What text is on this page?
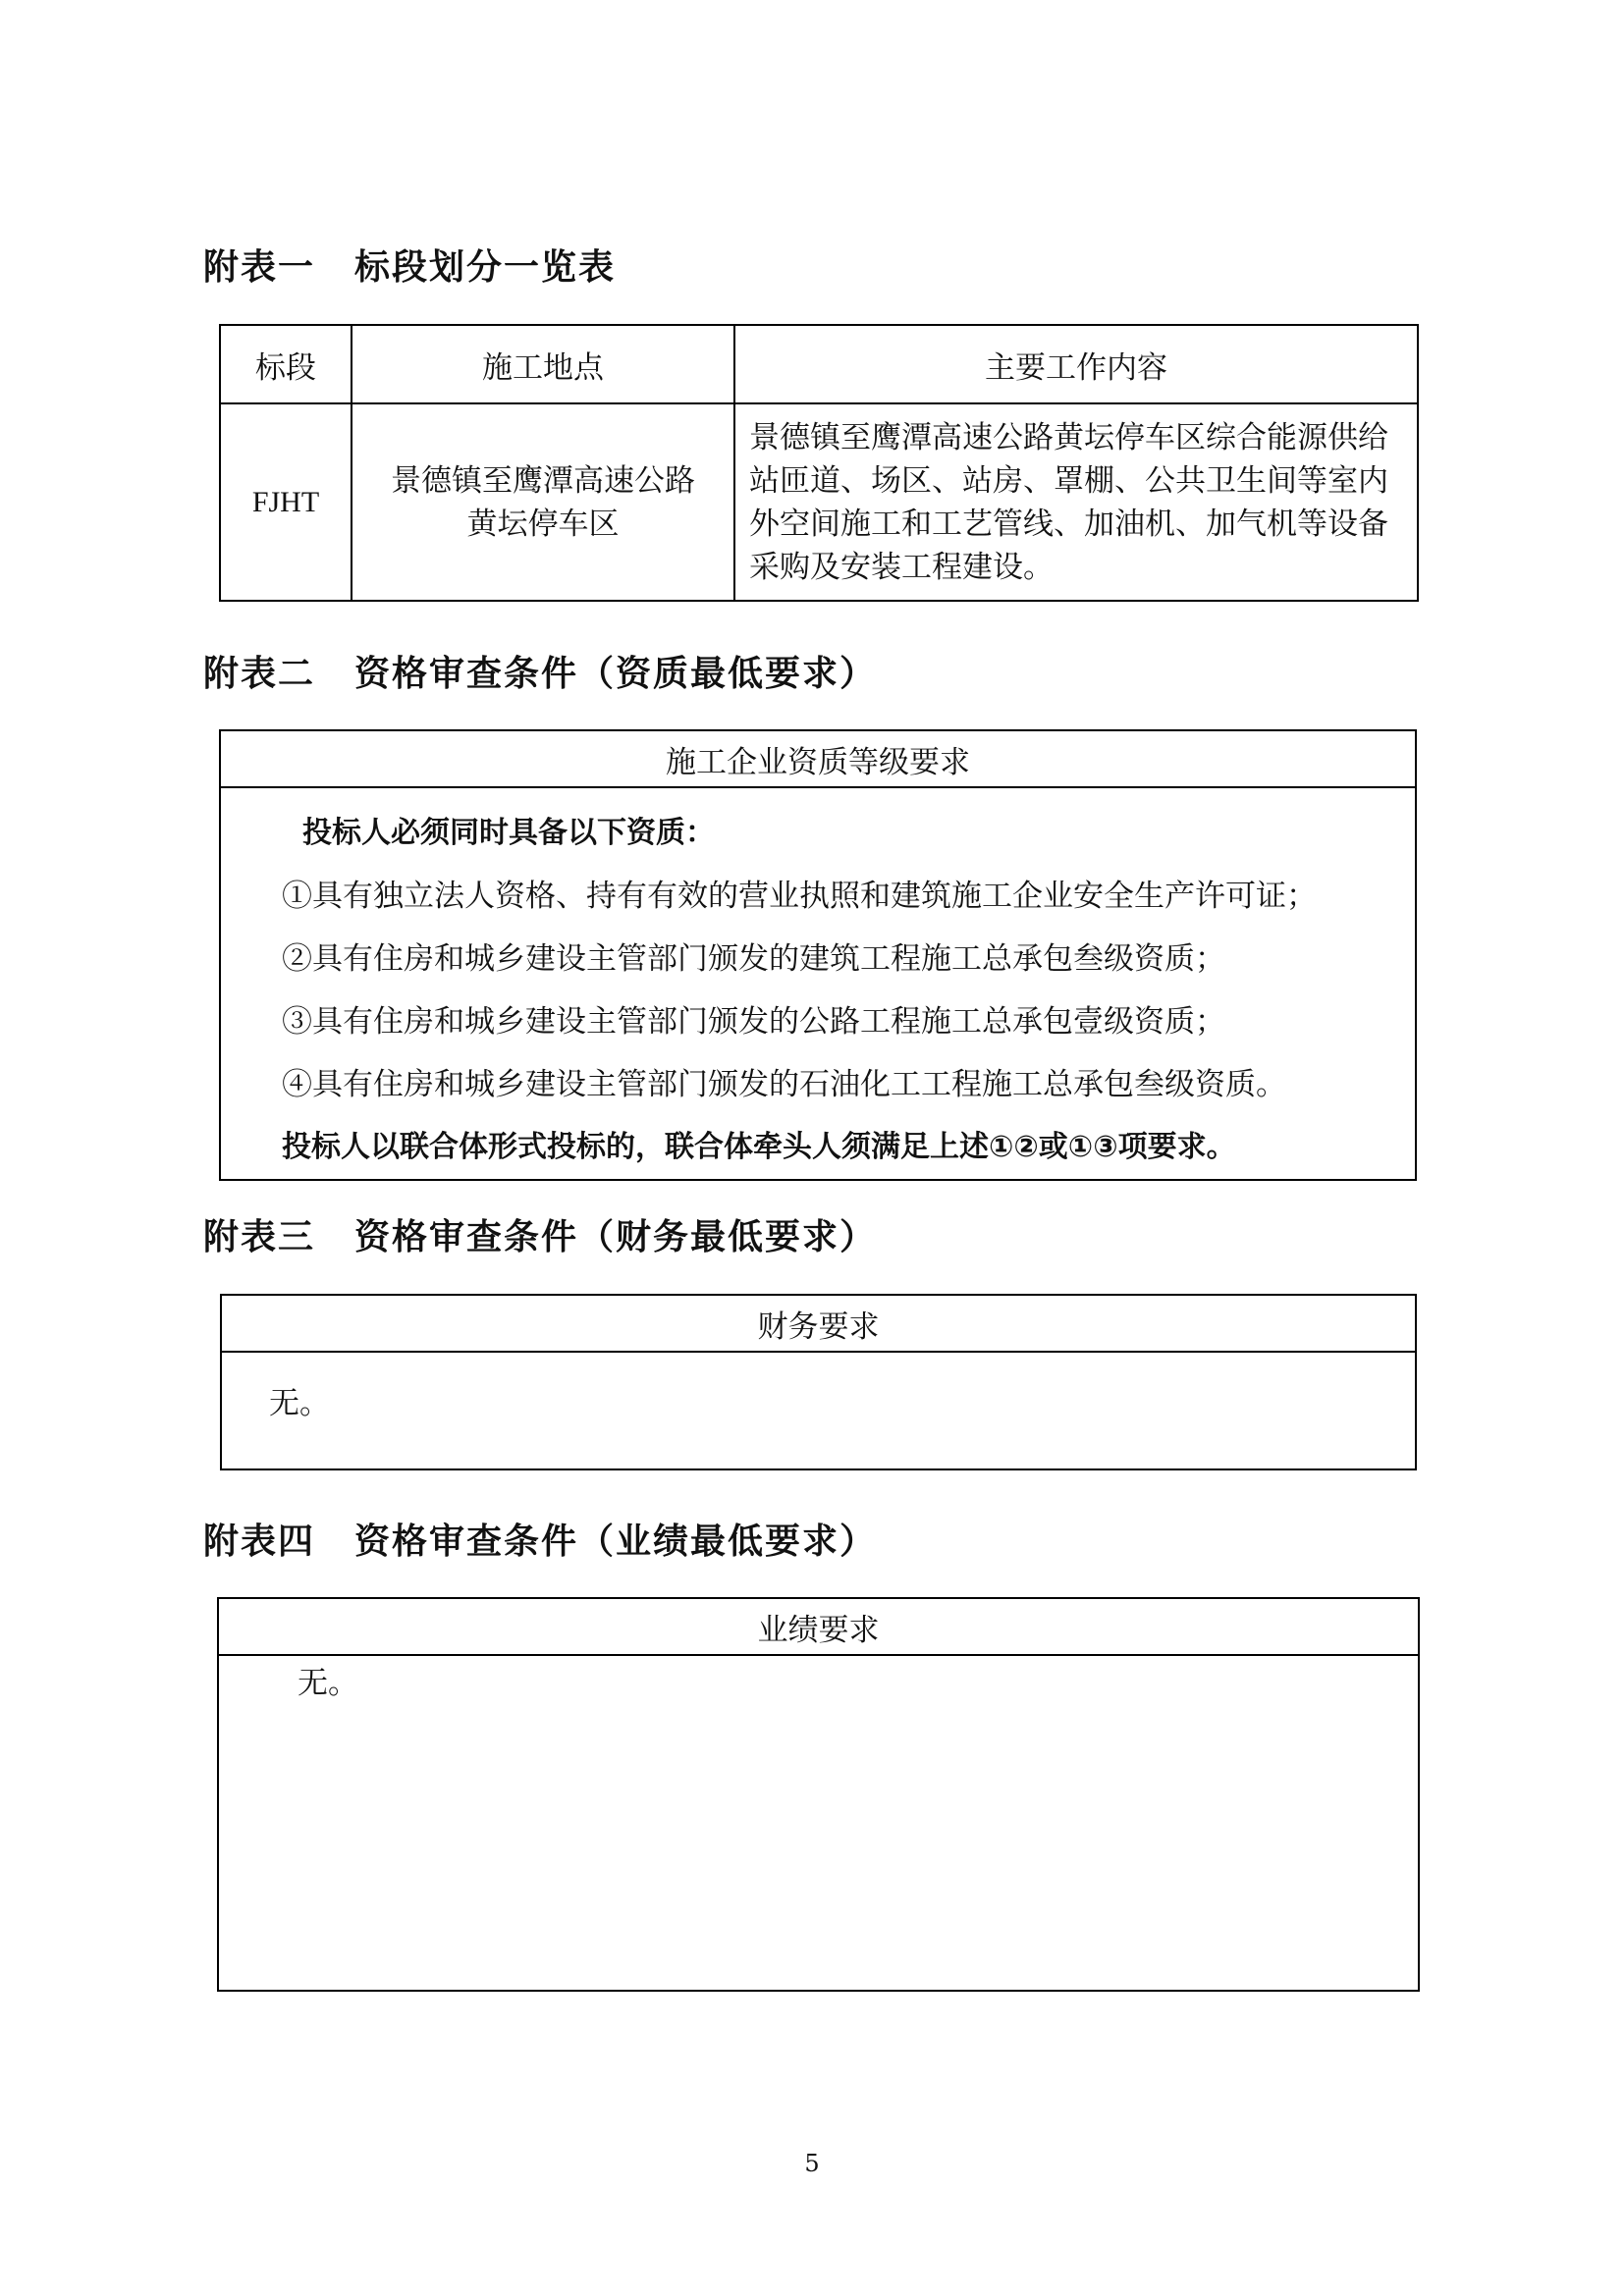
附表一 标段划分一览表
标段	施工地点	主要工作内容
FJHT	景德镇至鹰潭高速公路黄坛停车区	景德镇至鹰潭高速公路黄坛停车区综合能源供给站匝道、场区、站房、罩棚、公共卫生间等室内外空间施工和工艺管线、加油机、加气机等设备采购及安装工程建设。
附表二 资格审查条件（资质最低要求）
施工企业资质等级要求

投标人必须同时具备以下资质：
①具有独立法人资格、持有有效的营业执照和建筑施工企业安全生产许可证；
②具有住房和城乡建设主管部门颁发的建筑工程施工总承包叁级资质；
③具有住房和城乡建设主管部门颁发的公路工程施工总承包壹级资质；
④具有住房和城乡建设主管部门颁发的石油化工工程施工总承包叁级资质。
投标人以联合体形式投标的，联合体牵头人须满足上述①②或①③项要求。
附表三 资格审查条件（财务最低要求）
财务要求
无。
附表四 资格审查条件（业绩最低要求）
业绩要求
无。
5
